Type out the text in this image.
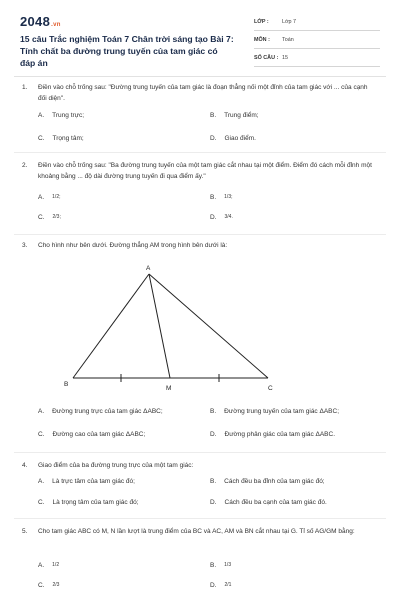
2048.vn
15 câu Trắc nghiệm Toán 7 Chân trời sáng tạo Bài 7: Tính chất ba đường trung tuyến của tam giác có đáp án
LỚP :	Lớp 7
MÔN :	Toán
SỐ CÂU : 15
1. Điền vào chỗ trống sau: "Đường trung tuyến của tam giác là đoạn thẳng nối một đỉnh của tam giác với ... của cạnh đối diện".
A. Trung trực;	B. Trung điểm;
C. Trọng tâm;	D. Giao điểm.
2. Điền vào chỗ trống sau: "Ba đường trung tuyến của một tam giác cắt nhau tại một điểm. Điểm đó cách mỗi đỉnh một khoảng bằng ... độ dài đường trung tuyến đi qua điểm ấy."
A. 1/2;	B. 1/3;
C. 2/3;	D. 3/4.
3. Cho hình như bên dưới. Đường thẳng AM trong hình bên dưới là:
A
B
C
M
A. Đường trung trực của tam giác ΔABC;	B. Đường trung tuyến của tam giác ΔABC;
C. Đường cao của tam giác ΔABC;	D. Đường phân giác của tam giác ΔABC.
4. Giao điểm của ba đường trung trực của một tam giác:
A. Là trực tâm của tam giác đó;	B. Cách đều ba đỉnh của tam giác đó;
C. Là trọng tâm của tam giác đó;	D. Cách đều ba cạnh của tam giác đó.
5. Cho tam giác ABC có M, N lần lượt là trung điểm của BC và AC, AM và BN cắt nhau tại G. Tỉ số AG/GM bằng:
A. 1/2	B. 1/3
C. 2/3	D. 2/1
